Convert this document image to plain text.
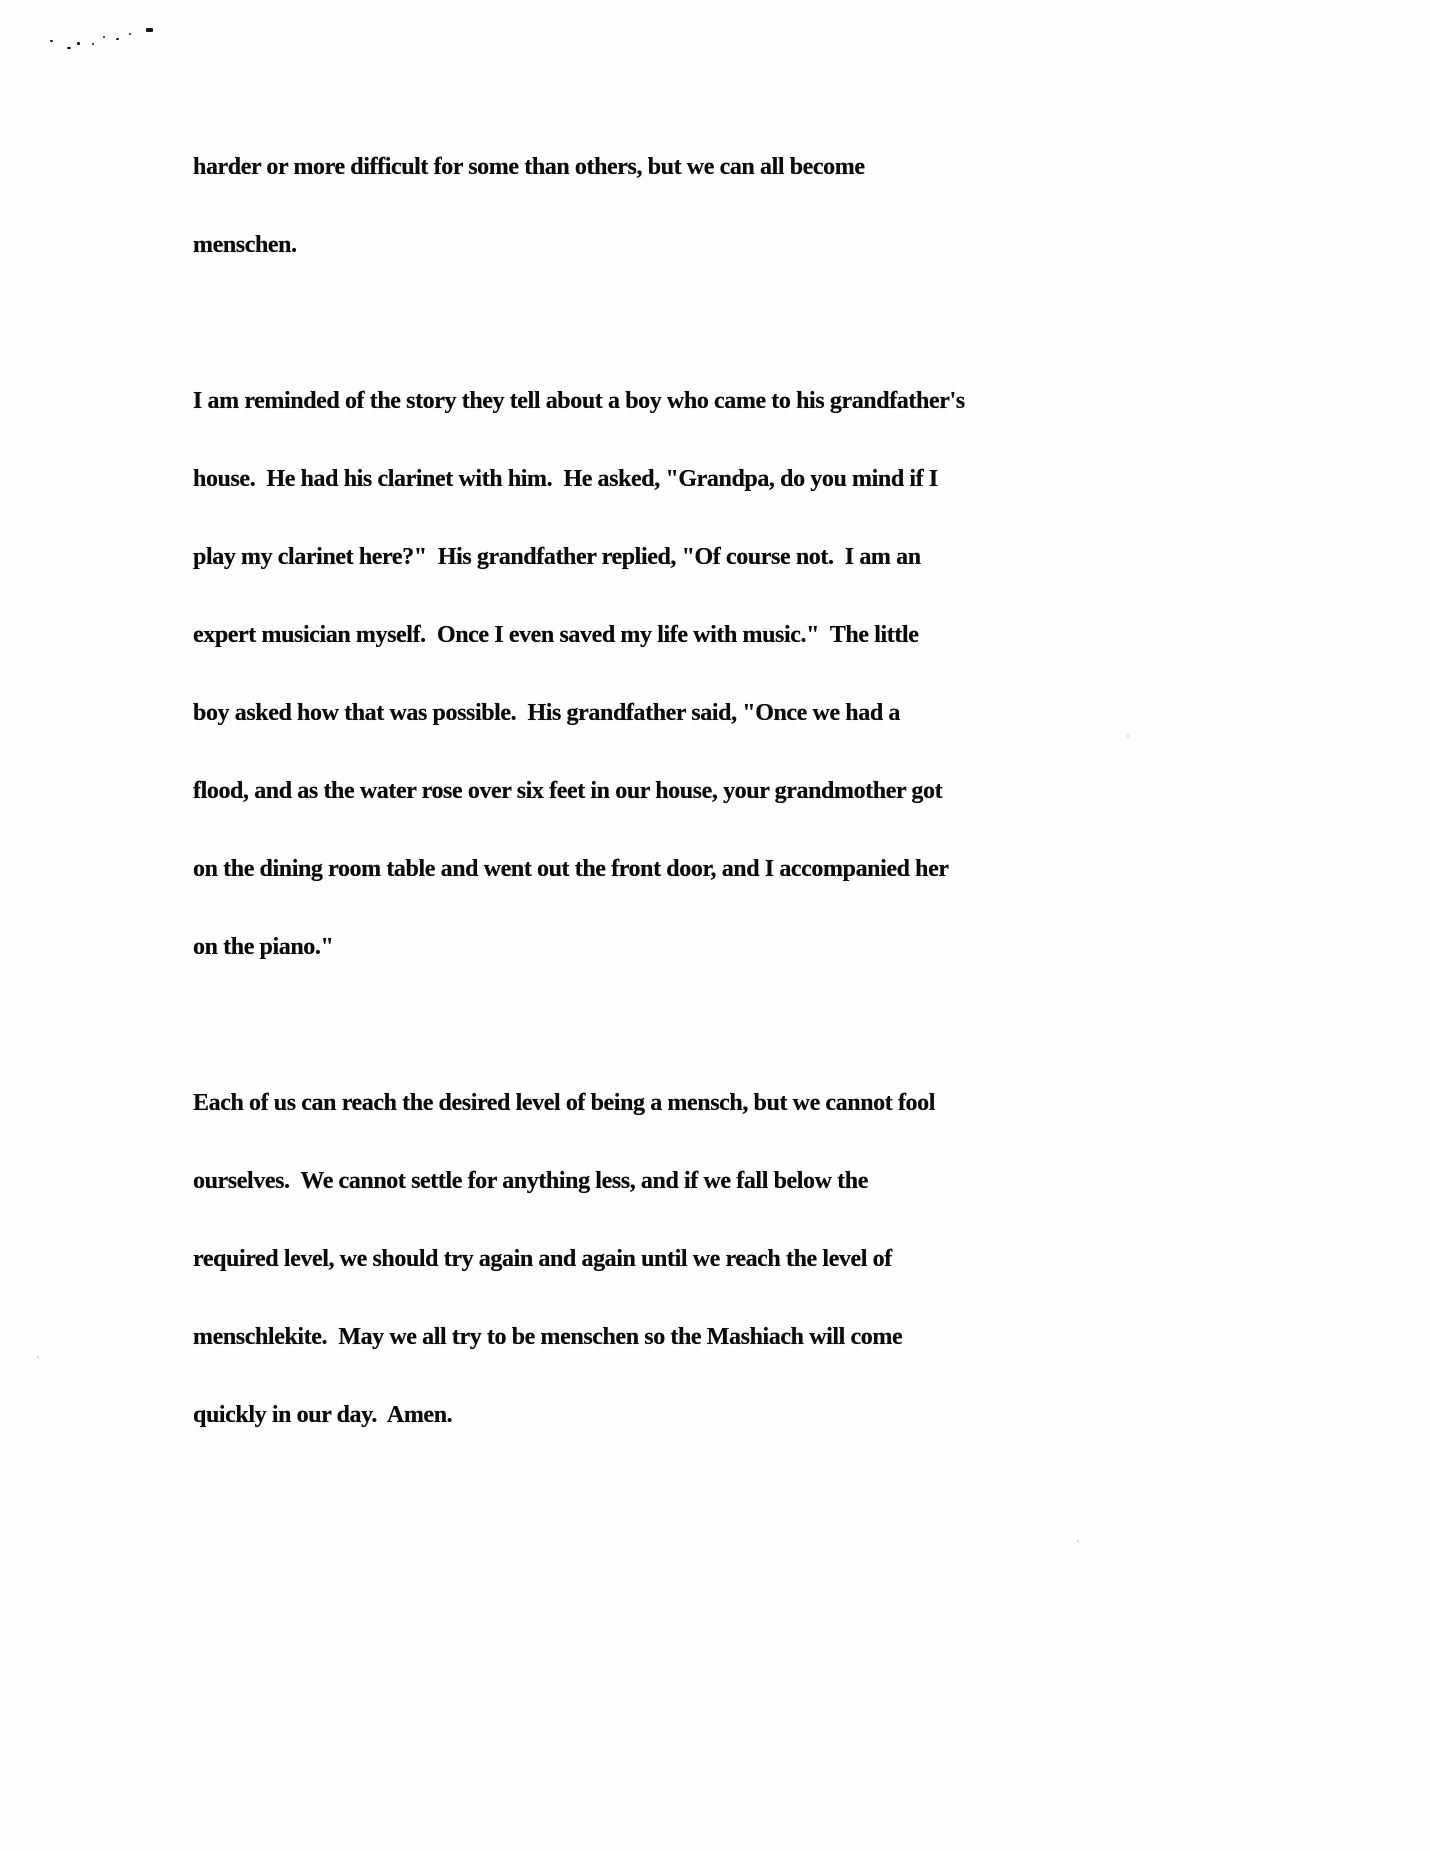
harder or more difficult for some than others, but we can all become
menschen.
I am reminded of the story they tell about a boy who came to his grandfather's
house.  He had his clarinet with him.  He asked, "Grandpa, do you mind if I
play my clarinet here?"  His grandfather replied, "Of course not.  I am an
expert musician myself.  Once I even saved my life with music."  The little
boy asked how that was possible.  His grandfather said, "Once we had a
flood, and as the water rose over six feet in our house, your grandmother got
on the dining room table and went out the front door, and I accompanied her
on the piano."
Each of us can reach the desired level of being a mensch, but we cannot fool
ourselves.  We cannot settle for anything less, and if we fall below the
required level, we should try again and again until we reach the level of
menschlekite.  May we all try to be menschen so the Mashiach will come
quickly in our day.  Amen.
